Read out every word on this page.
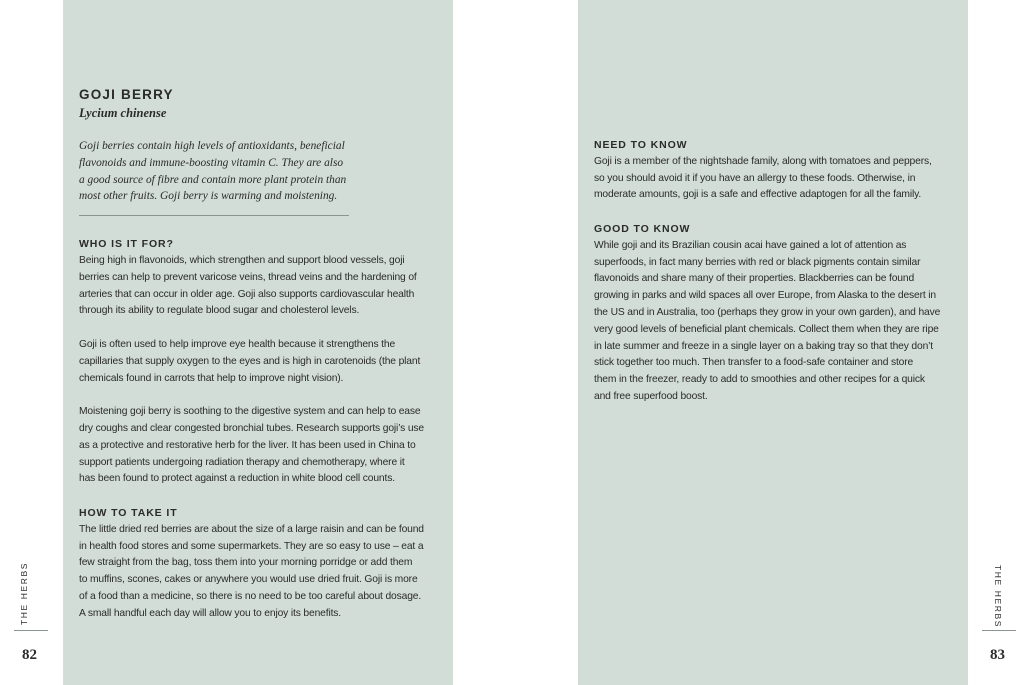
GOJI BERRY

Lycium chinense

Goji berries contain high levels of antioxidants, beneficial
flavonoids and immune-boosting vitamin C. They are also
a good source of fibre and contain more plant protein than
most other fruits. Goji berry is warming and moistening.
WHO IS IT FOR?
Being high in flavonoids, which strengthen and support blood vessels, goji
berries can help to prevent varicose veins, thread veins and the hardening of
arteries that can occur in older age. Goji also supports cardiovascular health
through its ability to regulate blood sugar and cholesterol levels.
Goji is often used to help improve eye health because it strengthens the
capillaries that supply oxygen to the eyes and is high in carotenoids (the plant
chemicals found in carrots that help to improve night vision).
Moistening goji berry is soothing to the digestive system and can help to ease
dry coughs and clear congested bronchial tubes. Research supports goji’s use
as a protective and restorative herb for the liver. It has been used in China to
support patients undergoing radiation therapy and chemotherapy, where it
has been found to protect against a reduction in white blood cell counts.
HOW TO TAKE IT
The little dried red berries are about the size of a large raisin and can be found
in health food stores and some supermarkets. They are so easy to use – eat a
few straight from the bag, toss them into your morning porridge or add them
to muffins, scones, cakes or anywhere you would use dried fruit. Goji is more
of a food than a medicine, so there is no need to be too careful about dosage.
A small handful each day will allow you to enjoy its benefits.
NEED TO KNOW
Goji is a member of the nightshade family, along with tomatoes and peppers,
so you should avoid it if you have an allergy to these foods. Otherwise, in
moderate amounts, goji is a safe and effective adaptogen for all the family.
GOOD TO KNOW
While goji and its Brazilian cousin acai have gained a lot of attention as
superfoods, in fact many berries with red or black pigments contain similar
flavonoids and share many of their properties. Blackberries can be found
growing in parks and wild spaces all over Europe, from Alaska to the desert in
the US and in Australia, too (perhaps they grow in your own garden), and have
very good levels of beneficial plant chemicals. Collect them when they are ripe
in late summer and freeze in a single layer on a baking tray so that they don’t
stick together too much. Then transfer to a food-safe container and store
them in the freezer, ready to add to smoothies and other recipes for a quick
and free superfood boost.
THE HERBS
82
THE HERBS
83
